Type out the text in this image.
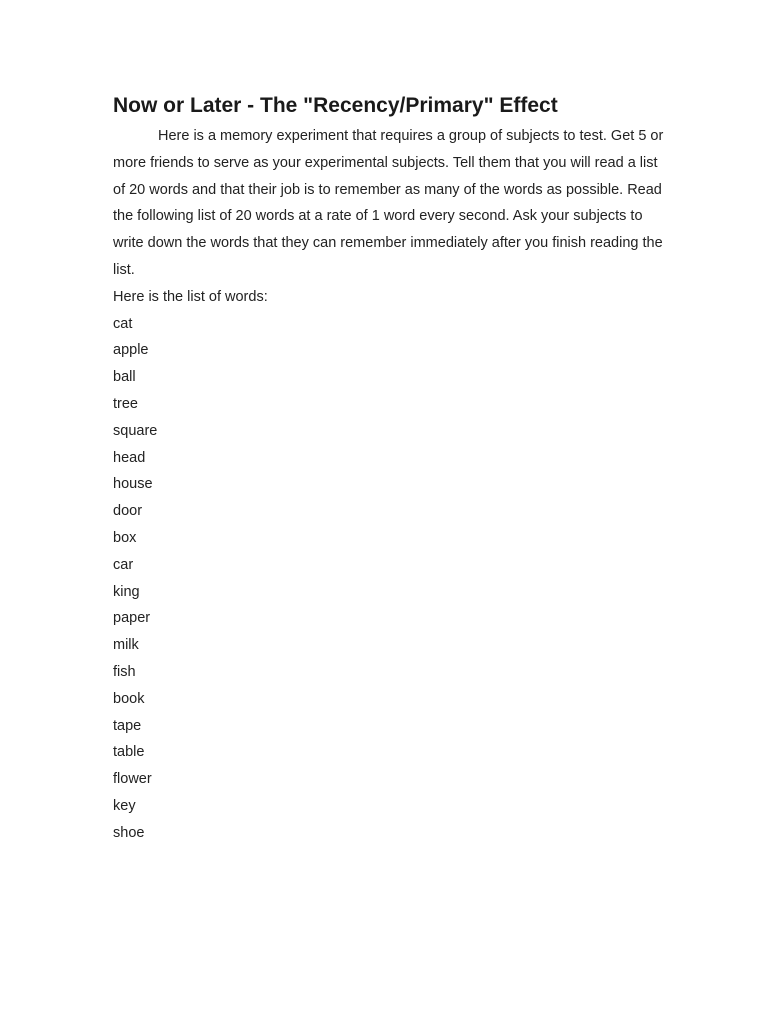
Now or Later - The "Recency/Primary" Effect

Here is a memory experiment that requires a group of subjects to test. Get 5 or more friends to serve as your experimental subjects. Tell them that you will read a list of 20 words and that their job is to remember as many of the words as possible. Read the following list of 20 words at a rate of 1 word every second. Ask your subjects to write down the words that they can remember immediately after you finish reading the list.

Here is the list of words:

cat
apple
ball
tree
square
head
house
door
box
car
king
paper
milk
fish
book
tape
table
flower
key
shoe
